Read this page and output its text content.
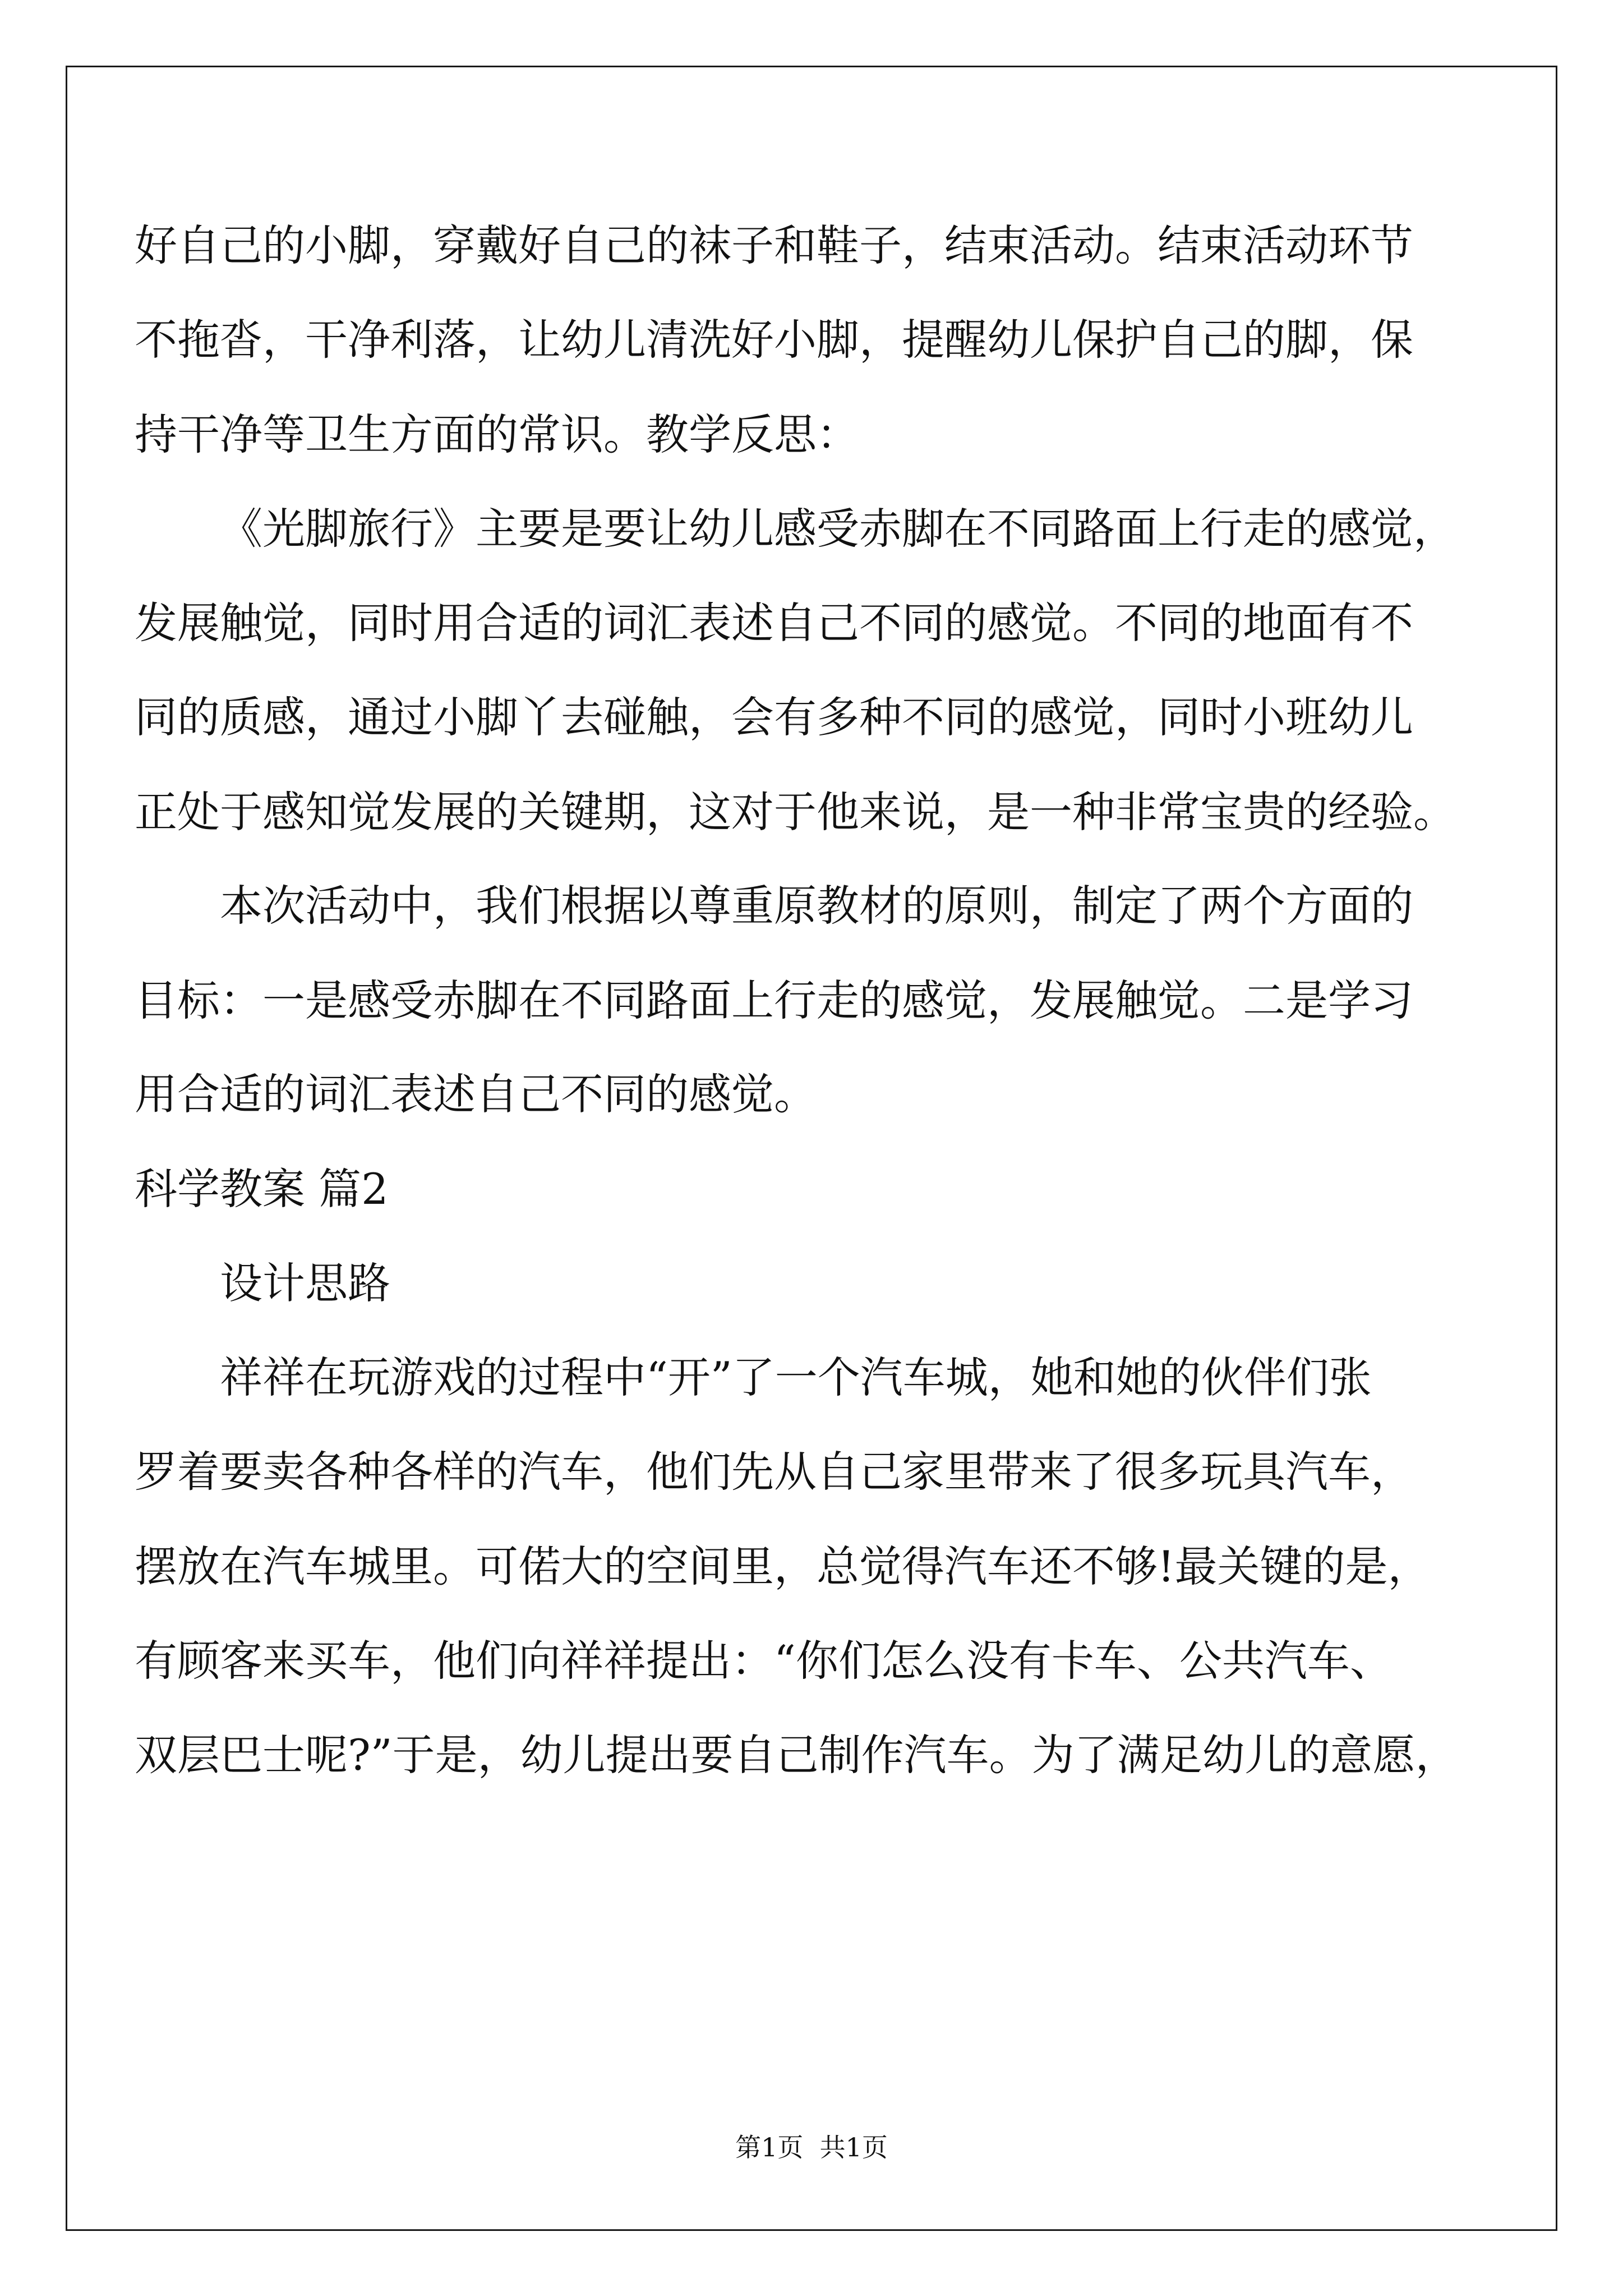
好自己的小脚，穿戴好自己的袜子和鞋子，结束活动。结束活动环节
不拖沓，干净利落，让幼儿清洗好小脚，提醒幼儿保护自己的脚，保
持干净等卫生方面的常识。教学反思：
《光脚旅行》主要是要让幼儿感受赤脚在不同路面上行走的感觉，
发展触觉，同时用合适的词汇表述自己不同的感觉。不同的地面有不
同的质感，通过小脚丫去碰触，会有多种不同的感觉，同时小班幼儿
正处于感知觉发展的关键期，这对于他来说，是一种非常宝贵的经验。
本次活动中，我们根据以尊重原教材的原则，制定了两个方面的
目标：一是感受赤脚在不同路面上行走的感觉，发展触觉。二是学习
用合适的词汇表述自己不同的感觉。
科学教案 篇2
设计思路
祥祥在玩游戏的过程中“开”了一个汽车城，她和她的伙伴们张
罗着要卖各种各样的汽车，他们先从自己家里带来了很多玩具汽车，
摆放在汽车城里。可偌大的空间里，总觉得汽车还不够!最关键的是，
有顾客来买车，他们向祥祥提出：“你们怎么没有卡车、公共汽车、
双层巴士呢?”于是，幼儿提出要自己制作汽车。为了满足幼儿的意愿，
第1页  共1页
